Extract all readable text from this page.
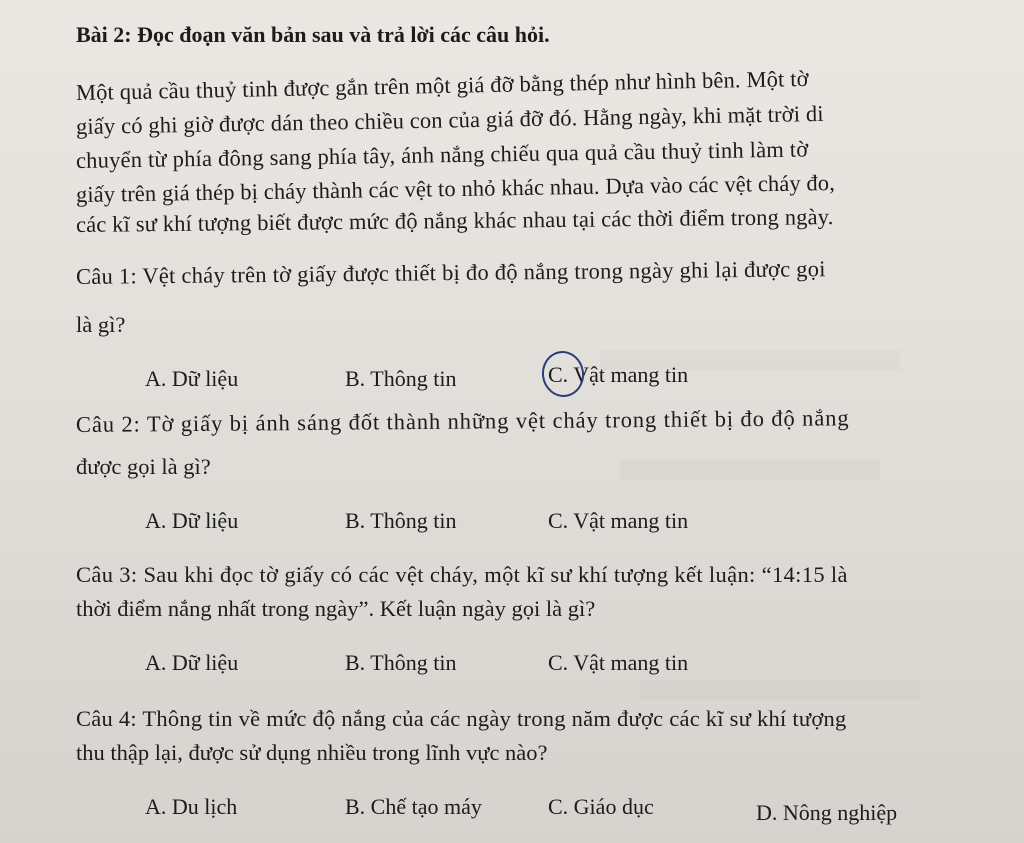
Bài 2: Đọc đoạn văn bản sau và trả lời các câu hỏi.
Một quả cầu thuỷ tinh được gắn trên một giá đỡ bằng thép như hình bên. Một tờ
giấy có ghi giờ được dán theo chiều con của giá đỡ đó. Hằng ngày, khi mặt trời di
chuyển từ phía đông sang phía tây, ánh nắng chiếu qua quả cầu thuỷ tinh làm tờ
giấy trên giá thép bị cháy thành các vệt to nhỏ khác nhau. Dựa vào các vệt cháy đo,
các kĩ sư khí tượng biết được mức độ nắng khác nhau tại các thời điểm trong ngày.
Câu 1: Vệt cháy trên tờ giấy được thiết bị đo độ nắng trong ngày ghi lại được gọi
là gì?
A. Dữ liệu	B. Thông tin	C. Vật mang tin
Câu 2: Tờ giấy bị ánh sáng đốt thành những vệt cháy trong thiết bị đo độ nắng
được gọi là gì?
A. Dữ liệu	B. Thông tin	C. Vật mang tin
Câu 3: Sau khi đọc tờ giấy có các vệt cháy, một kĩ sư khí tượng kết luận: “14:15 là
thời điểm nắng nhất trong ngày”. Kết luận ngày gọi là gì?
A. Dữ liệu	B. Thông tin	C. Vật mang tin
Câu 4: Thông tin về mức độ nắng của các ngày trong năm được các kĩ sư khí tượng
thu thập lại, được sử dụng nhiều trong lĩnh vực nào?
A. Du lịch	B. Chế tạo máy	C. Giáo dục	D. Nông nghiệp
